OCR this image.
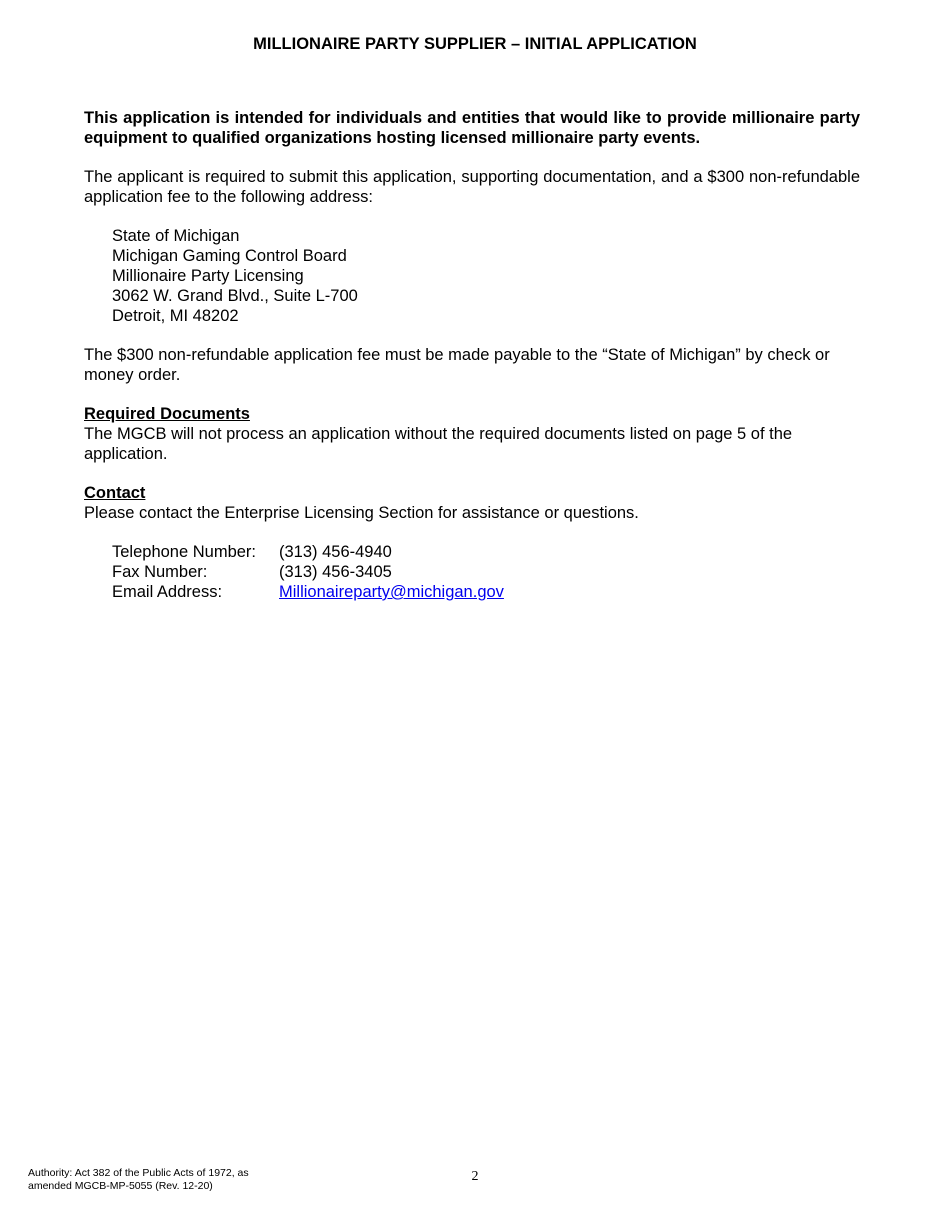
MILLIONAIRE PARTY SUPPLIER – INITIAL APPLICATION

This application is intended for individuals and entities that would like to provide millionaire party equipment to qualified organizations hosting licensed millionaire party events.

The applicant is required to submit this application, supporting documentation, and a $300 non-refundable application fee to the following address:

State of Michigan
Michigan Gaming Control Board
Millionaire Party Licensing
3062 W. Grand Blvd., Suite L-700
Detroit, MI 48202

The $300 non-refundable application fee must be made payable to the “State of Michigan” by check or money order.

Required Documents

The MGCB will not process an application without the required documents listed on page 5 of the application.

Contact

Please contact the Enterprise Licensing Section for assistance or questions.

Telephone Number:	(313) 456-4940
Fax Number:	(313) 456-3405
Email Address:	Millionaireparty@michigan.gov
Authority: Act 382 of the Public Acts of 1972, as
amended MGCB-MP-5055 (Rev. 12-20)
2
